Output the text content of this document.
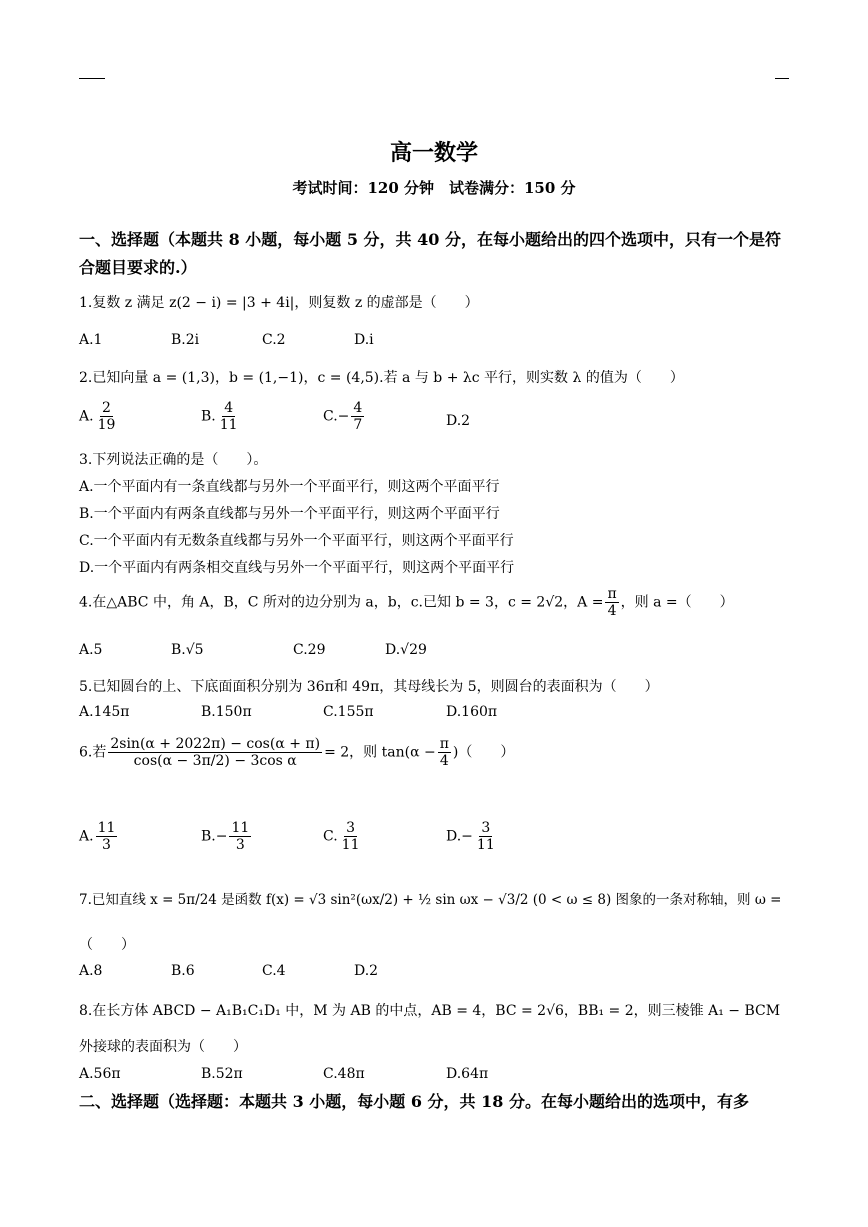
高一数学
考试时间：120 分钟　试卷满分：150 分
一、选择题（本题共 8 小题，每小题 5 分，共 40 分，在每小题给出的四个选项中，只有一个是符合题目要求的.）
1.复数 z 满足 z(2 − i) = |3 + 4i|，则复数 z 的虚部是（　　）
A.1	B.2i	C.2	D.i
2.已知向量 a = (1,3)，b = (1,−1)，c = (4,5).若 a 与 b + λc 平行，则实数 λ 的值为（　　）
A. $\frac{2}{19}$	B. $\frac{4}{11}$	$C.- \frac{4}{7}$	D.2
3.下列说法正确的是（　　）。
A.一个平面内有一条直线都与另外一个平面平行，则这两个平面平行
B.一个平面内有两条直线都与另外一个平面平行，则这两个平面平行
C.一个平面内有无数条直线都与另外一个平面平行，则这两个平面平行
D.一个平面内有两条相交直线与另外一个平面平行，则这两个平面平行
4.在△ABC 中，角 A，B，C 所对的边分别为 a，b，c.已知 b = 3，c = 2√2，$A = \frac{\pi}{4}$ ，则 a =（　　）
A.5	B.√5	C.29	D.√29
5.已知圆台的上、下底面面积分别为 36π和 49π，其母线长为 5，则圆台的表面积为（　　）
A.145π	B.150π	C.155π	D.160π
6.若 $\frac{2\sin(\alpha + 2022\pi) - \cos(\alpha + \pi)}{\text{cos(α − 3π/2) − 3cos α}} = 2$，则 $\tan(\alpha - \frac{\pi}{4}$ )（　　）
A. $\frac{11}{3}$	$B.- \frac{11}{3}$	C. $\frac{3}{11}$	$D.- \frac{3}{11}$
7.已知直线 x = 5π/24 是函数 f(x) = √3 sin²(ωx/2) + ½ sin ωx − √3/2 (0 < ω ≤ 8) 图象的一条对称轴，则 ω =
（　　）
A.8	B.6	C.4	D.2
8.在长方体 ABCD − A₁B₁C₁D₁ 中，M 为 AB 的中点，AB = 4，BC = 2√6，BB₁ = 2，则三棱锥 A₁ − BCM
外接球的表面积为（　　）
A.56π	B.52π	C.48π	D.64π
二、选择题（选择题：本题共 3 小题，每小题 6 分，共 18 分。在每小题给出的选项中，有多
